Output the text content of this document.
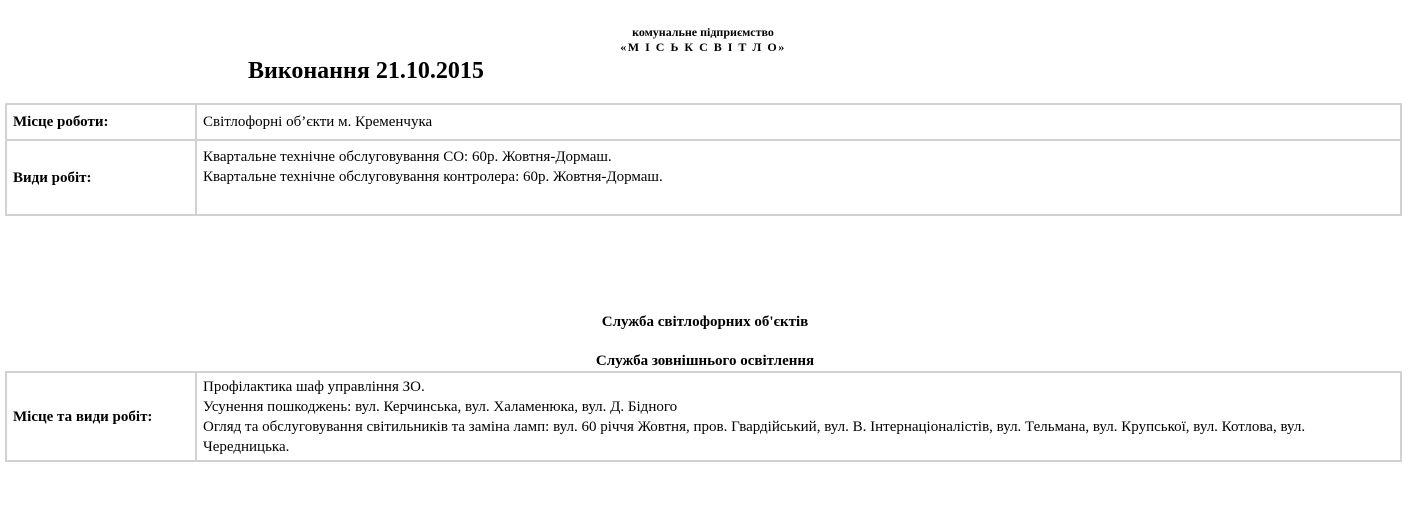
комунальне підприємство
«М І С Ь К С В І Т Л О»
Виконання 21.10.2015
Місце роботи:	Світлофорні об’єкти м. Кременчука
Види робіт:	Квартальне технічне обслуговування СО: 60р. Жовтня-Дормаш.
Квартальне технічне обслуговування контролера: 60р. Жовтня-Дормаш.
Служба світлофорних об'єктів
Служба зовнішнього освітлення
Місце та види робіт:	
Профілактика шаф управління ЗО.
Усунення пошкоджень: вул. Керчинська, вул. Халаменюка, вул. Д. Бідного
Огляд та обслуговування світильників та заміна ламп: вул. 60 річчя Жовтня, пров. Гвардійський, вул. В. Інтернаціоналістів, вул. Тельмана, вул. Крупської, вул. Котлова, вул. Чередницька.
